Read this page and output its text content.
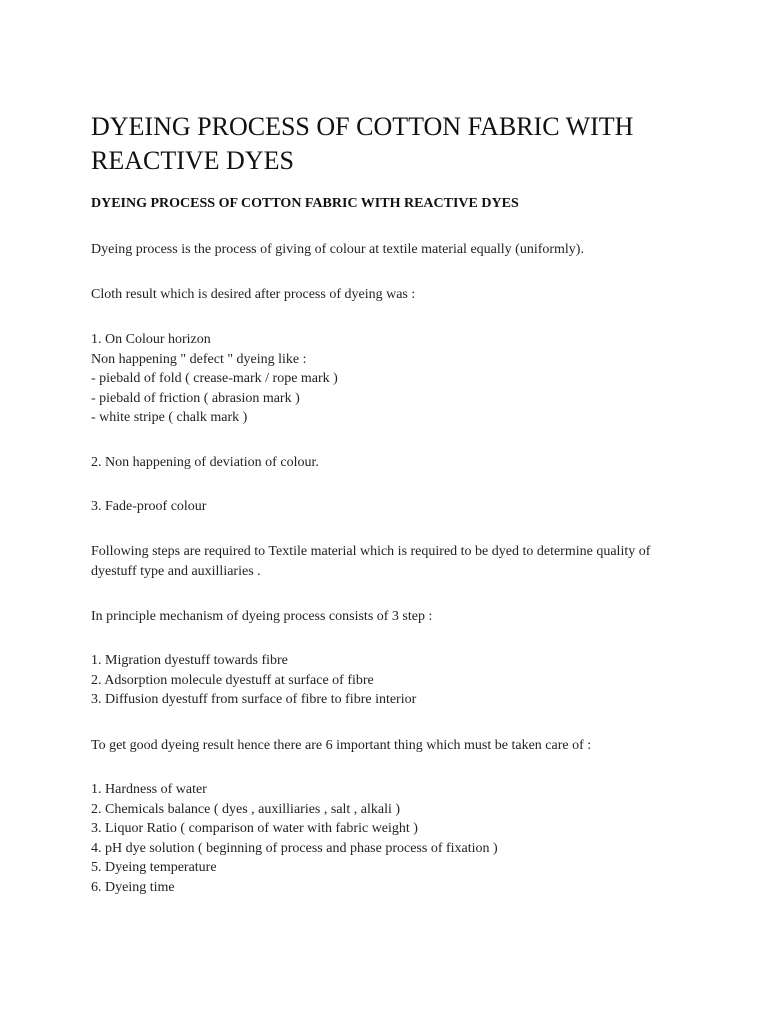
DYEING PROCESS OF COTTON FABRIC WITH REACTIVE DYES
DYEING PROCESS OF COTTON FABRIC WITH REACTIVE DYES

Dyeing process is the process of giving of colour at textile material equally (uniformly).

Cloth result which is desired after process of dyeing was :

1. On Colour horizon
Non happening " defect " dyeing like :
- piebald of fold ( crease-mark / rope mark )
- piebald of friction ( abrasion mark )
- white stripe ( chalk mark )

2. Non happening of deviation of colour.

3. Fade-proof colour

Following steps are required to Textile material which is required to be dyed to determine quality of
dyestuff type and auxilliaries .

In principle mechanism of dyeing process consists of 3 step :

1. Migration dyestuff towards fibre
2. Adsorption molecule dyestuff at surface of fibre
3. Diffusion dyestuff from surface of fibre to fibre interior

To get good dyeing result hence there are 6 important thing which must be taken care of :

1. Hardness of water
2. Chemicals balance ( dyes , auxilliaries , salt , alkali )
3. Liquor Ratio ( comparison of water with fabric weight )
4. pH dye solution ( beginning of process and phase process of fixation )
5. Dyeing temperature
6. Dyeing time
